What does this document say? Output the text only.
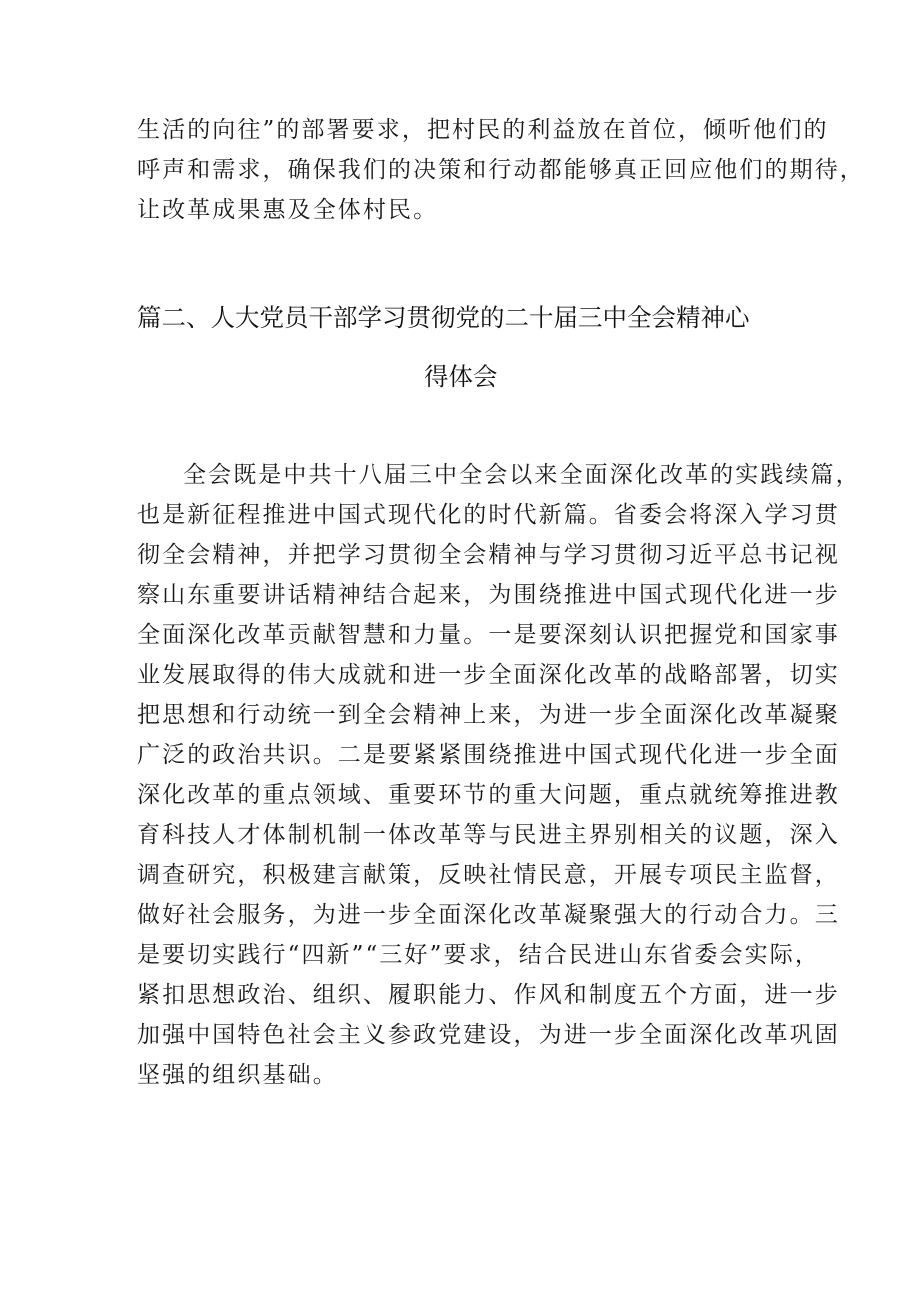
生活的向往”的部署要求，把村民的利益放在首位，倾听他们的
呼声和需求，确保我们的决策和行动都能够真正回应他们的期待，
让改革成果惠及全体村民。
篇二、人大党员干部学习贯彻党的二十届三中全会精神心
得体会
全会既是中共十八届三中全会以来全面深化改革的实践续篇，
也是新征程推进中国式现代化的时代新篇。省委会将深入学习贯
彻全会精神，并把学习贯彻全会精神与学习贯彻习近平总书记视
察山东重要讲话精神结合起来，为围绕推进中国式现代化进一步
全面深化改革贡献智慧和力量。一是要深刻认识把握党和国家事
业发展取得的伟大成就和进一步全面深化改革的战略部署，切实
把思想和行动统一到全会精神上来，为进一步全面深化改革凝聚
广泛的政治共识。二是要紧紧围绕推进中国式现代化进一步全面
深化改革的重点领域、重要环节的重大问题，重点就统筹推进教
育科技人才体制机制一体改革等与民进主界别相关的议题，深入
调查研究，积极建言献策，反映社情民意，开展专项民主监督，
做好社会服务，为进一步全面深化改革凝聚强大的行动合力。三
是要切实践行“四新”“三好”要求，结合民进山东省委会实际，
紧扣思想政治、组织、履职能力、作风和制度五个方面，进一步
加强中国特色社会主义参政党建设，为进一步全面深化改革巩固
坚强的组织基础。
